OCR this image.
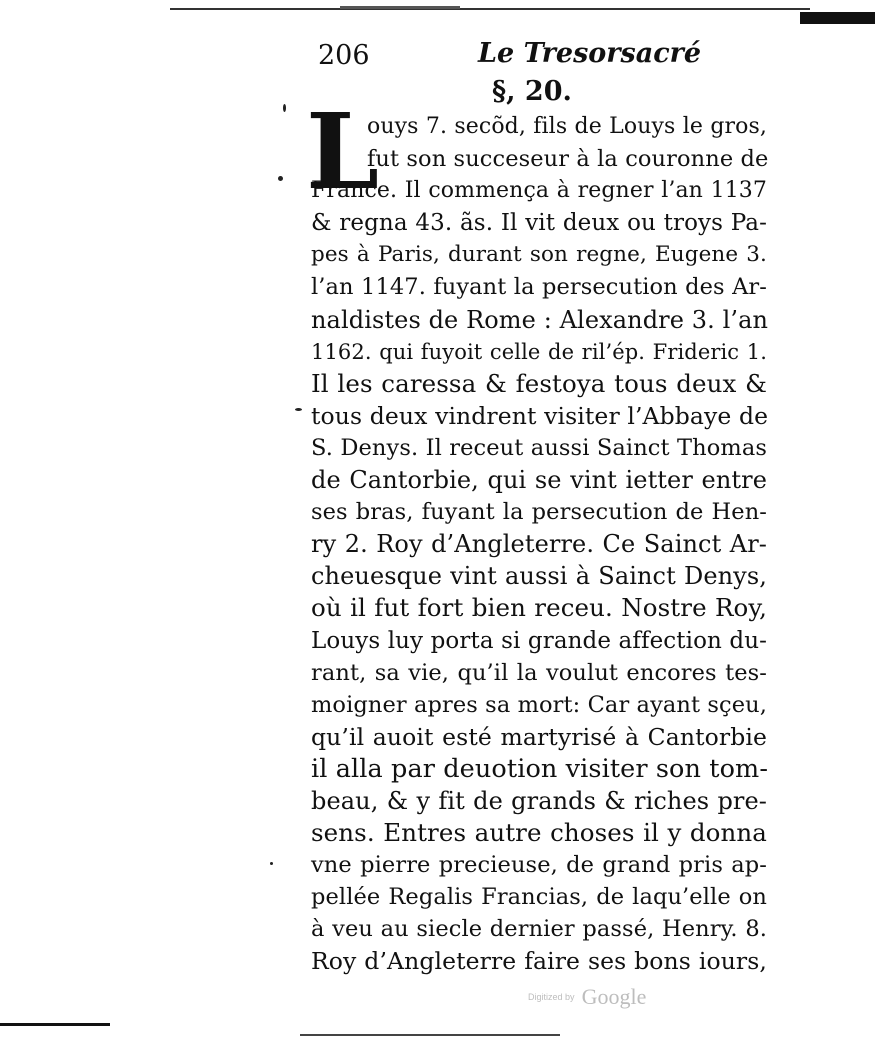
206	Le Tresorsacré
§, 20.
L
ouys 7. secõd, fils de Louys le gros,
fut son succeseur à la couronne de
France. Il commença à regner l’an 1137
& regna 43. ãs. Il vit deux ou troys Pa-
pes à Paris, durant son regne, Eugene 3.
l’an 1147. fuyant la persecution des Ar-
naldistes de Rome : Alexandre 3. l’an
1162. qui fuyoit celle de ril’ép. Frideric 1.
Il les caressa & festoya tous deux &
tous deux vindrent visiter l’Abbaye de
S. Denys. Il receut aussi Sainct Thomas
de Cantorbie, qui se vint ietter entre
ses bras, fuyant la persecution de Hen-
ry 2. Roy d’Angleterre. Ce Sainct Ar-
cheuesque vint aussi à Sainct Denys,
où il fut fort bien receu. Nostre Roy,
Louys luy porta si grande affection du-
rant, sa vie, qu’il la voulut encores tes-
moigner apres sa mort: Car ayant sçeu,
qu’il auoit esté martyrisé à Cantorbie
il alla par deuotion visiter son tom-
beau, & y fit de grands & riches pre-
sens. Entres autre choses il y donna
vne pierre precieuse, de grand pris ap-
pellée Regalis Francias, de laqu’elle on
à veu au siecle dernier passé, Henry. 8.
Roy d’Angleterre faire ses bons iours,
Digitized by Google
